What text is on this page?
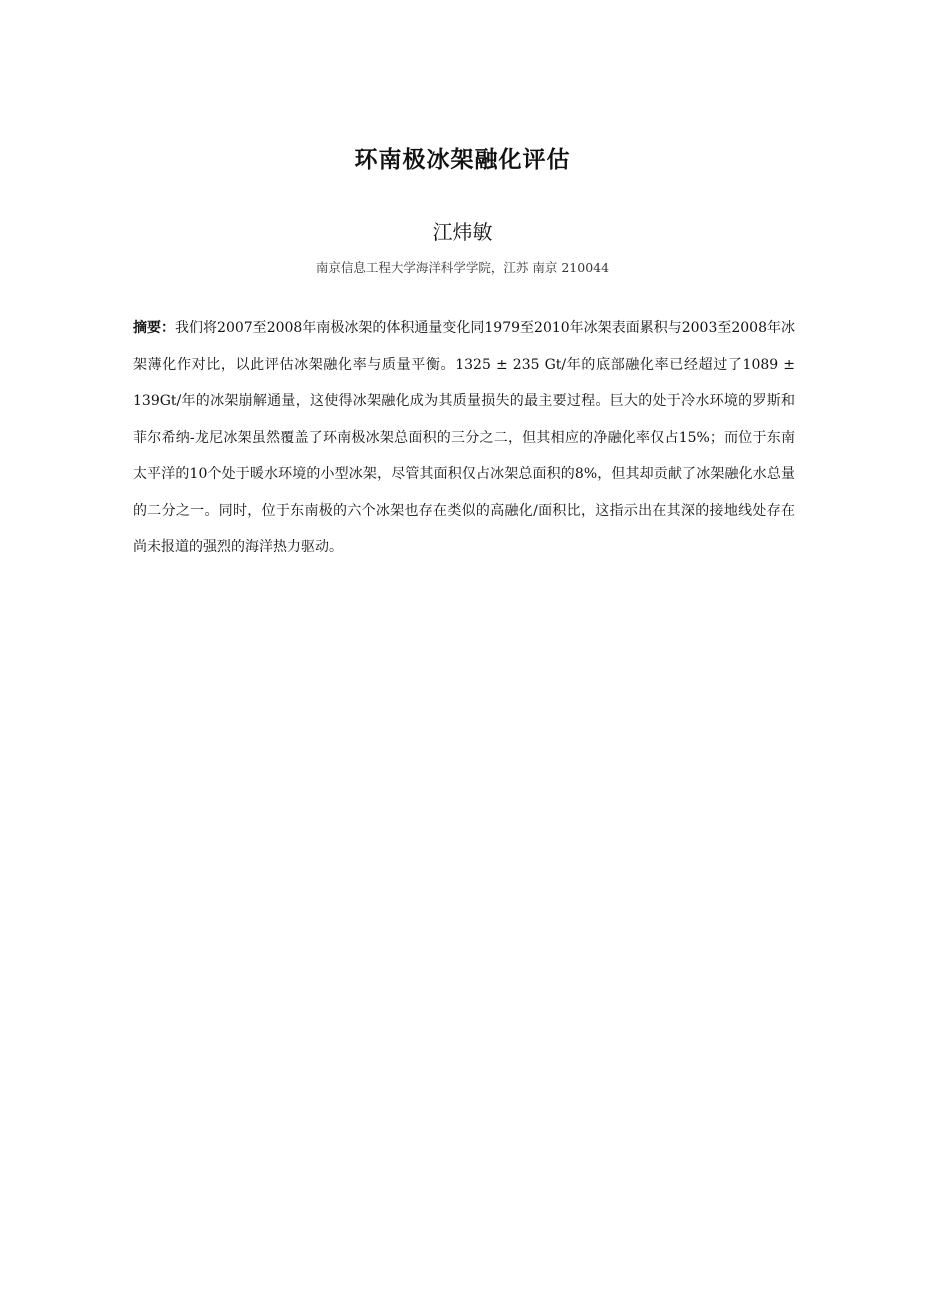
环南极冰架融化评估
江炜敏
南京信息工程大学海洋科学学院，江苏 南京 210044
摘要：我们将2007至2008年南极冰架的体积通量变化同1979至2010年冰架表面累积与2003至2008年冰架薄化作对比，以此评估冰架融化率与质量平衡。1325 ± 235 Gt/年的底部融化率已经超过了1089 ± 139Gt/年的冰架崩解通量，这使得冰架融化成为其质量损失的最主要过程。巨大的处于冷水环境的罗斯和菲尔希纳-龙尼冰架虽然覆盖了环南极冰架总面积的三分之二，但其相应的净融化率仅占15%；而位于东南太平洋的10个处于暖水环境的小型冰架，尽管其面积仅占冰架总面积的8%，但其却贡献了冰架融化水总量的二分之一。同时，位于东南极的六个冰架也存在类似的高融化/面积比，这指示出在其深的接地线处存在尚未报道的强烈的海洋热力驱动。
